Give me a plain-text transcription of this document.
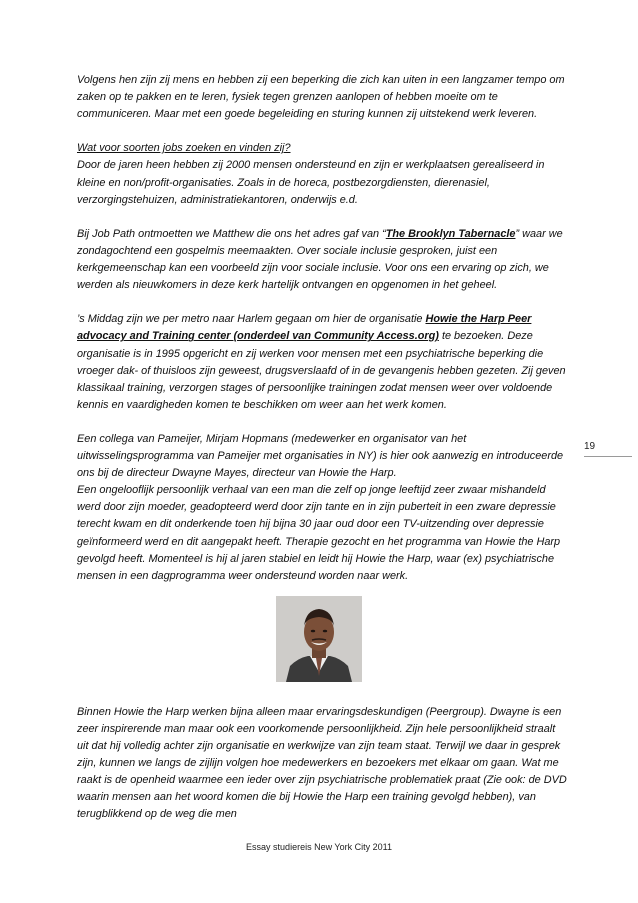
Volgens hen zijn zij mens en hebben zij een beperking die zich kan uiten in een langzamer tempo om zaken op te pakken en te leren, fysiek tegen grenzen aanlopen of hebben moeite om te communiceren. Maar met een goede begeleiding en sturing kunnen zij uitstekend werk leveren.

Wat voor soorten jobs zoeken en vinden zij?
Door de jaren heen hebben zij 2000 mensen ondersteund en zijn er werkplaatsen gerealiseerd in kleine en non/profit-organisaties. Zoals in de horeca, postbezorgdiensten, dierenasiel, verzorgingstehuizen, administratiekantoren, onderwijs e.d.

Bij Job Path ontmoetten we Matthew die ons het adres gaf van “The Brooklyn Tabernacle” waar we zondagochtend een gospelmis meemaakten. Over sociale inclusie gesproken, juist een kerkgemeenschap kan een voorbeeld zijn voor sociale inclusie. Voor ons een ervaring op zich, we werden als nieuwkomers in deze kerk hartelijk ontvangen en opgenomen in het geheel.

’s Middag zijn we per metro naar Harlem gegaan om hier de organisatie Howie the Harp Peer advocacy and Training center (onderdeel van Community Access.org) te bezoeken. Deze organisatie is in 1995 opgericht en zij werken voor mensen met een psychiatrische beperking die vroeger dak- of thuisloos zijn geweest, drugsverslaafd of in de gevangenis hebben gezeten. Zij geven klassikaal training, verzorgen stages of persoonlijke trainingen zodat mensen weer over voldoende kennis en vaardigheden komen te beschikken om weer aan het werk komen.

Een collega van Pameijer, Mirjam Hopmans (medewerker en organisator van het uitwisselingsprogramma van Pameijer met organisaties in NY) is hier ook aanwezig en introduceerde ons bij de directeur Dwayne Mayes, directeur van Howie the Harp.

Een ongelooflijk persoonlijk verhaal van een man die zelf op jonge leeftijd zeer zwaar mishandeld werd door zijn moeder, geadopteerd werd door zijn tante en in zijn puberteit in een zware depressie terecht kwam en dit onderkende toen hij bijna 30 jaar oud door een TV-uitzending over depressie geïnformeerd werd en dit aangepakt heeft. Therapie gezocht en het programma van Howie the Harp gevolgd heeft. Momenteel is hij al jaren stabiel en leidt hij Howie the Harp, waar (ex) psychiatrische mensen in een dagprogramma weer ondersteund worden naar werk.

Binnen Howie the Harp werken bijna alleen maar ervaringsdeskundigen (Peergroup). Dwayne is een zeer inspirerende man maar ook een voorkomende persoonlijkheid. Zijn hele persoonlijkheid straalt uit dat hij volledig achter zijn organisatie en werkwijze van zijn team staat. Terwijl we daar in gesprek zijn, kunnen we langs de zijlijn volgen hoe medewerkers en bezoekers met elkaar om gaan. Wat me raakt is de openheid waarmee een ieder over zijn psychiatrische problematiek praat (Zie ook: de DVD waarin mensen aan het woord komen die bij Howie the Harp een training gevolgd hebben), van terugblikkend op de weg die men

19
Essay studiereis New York City 2011
